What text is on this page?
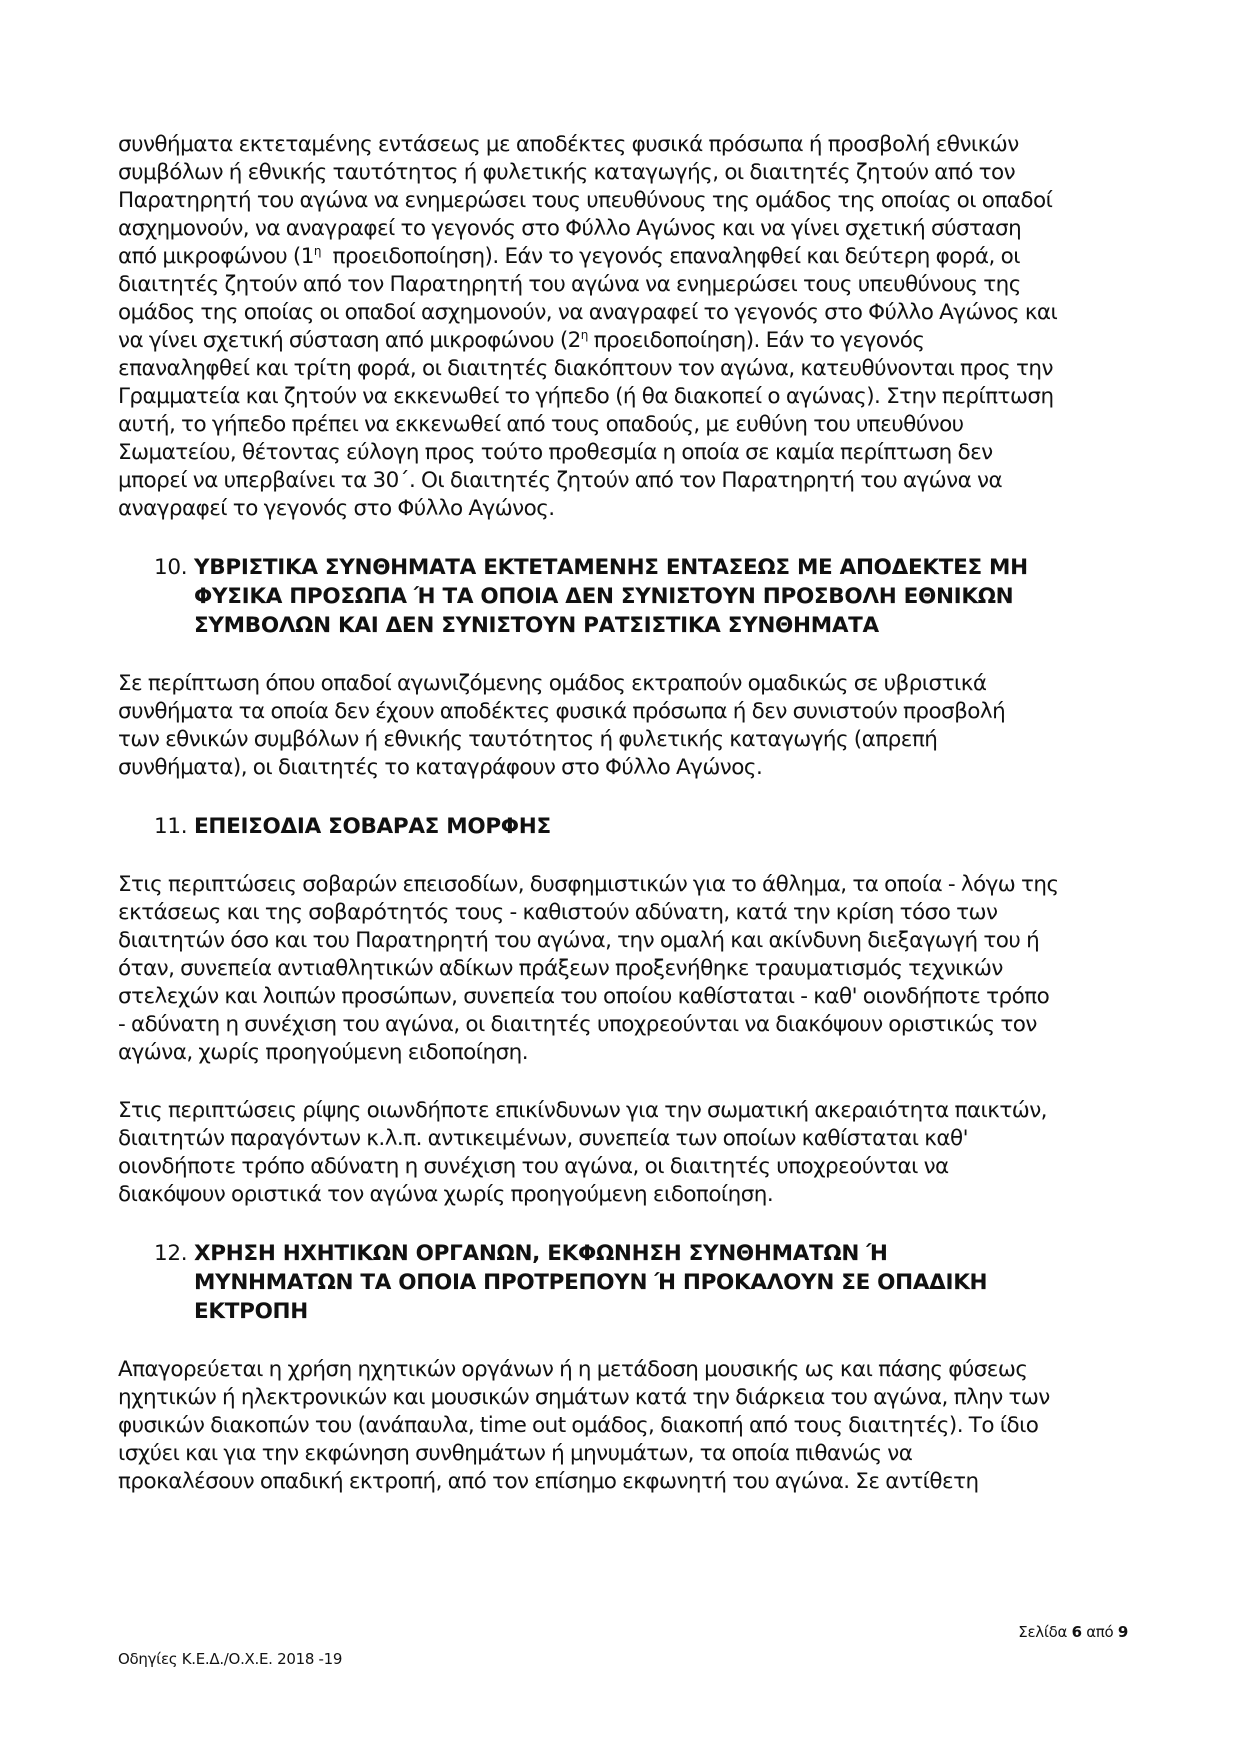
συνθήματα εκτεταμένης εντάσεως με αποδέκτες φυσικά πρόσωπα ή προσβολή εθνικών
συμβόλων ή εθνικής ταυτότητος ή φυλετικής καταγωγής, οι διαιτητές ζητούν από τον
Παρατηρητή του αγώνα να ενημερώσει τους υπευθύνους της ομάδος της οποίας οι οπαδοί
ασχημονούν, να αναγραφεί το γεγονός στο Φύλλο Αγώνος και να γίνει σχετική σύσταση
από μικροφώνου ($1^\eta$  προειδοποίηση). Εάν το γεγονός επαναληφθεί και δεύτερη φορά, οι
διαιτητές ζητούν από τον Παρατηρητή του αγώνα να ενημερώσει τους υπευθύνους της
ομάδος της οποίας οι οπαδοί ασχημονούν, να αναγραφεί το γεγονός στο Φύλλο Αγώνος και
να γίνει σχετική σύσταση από μικροφώνου ($2^\eta$ προειδοποίηση). Εάν το γεγονός
επαναληφθεί και τρίτη φορά, οι διαιτητές διακόπτουν τον αγώνα, κατευθύνονται προς την
Γραμματεία και ζητούν να εκκενωθεί το γήπεδο (ή θα διακοπεί ο αγώνας). Στην περίπτωση
αυτή, το γήπεδο πρέπει να εκκενωθεί από τους οπαδούς, με ευθύνη του υπευθύνου
Σωματείου, θέτοντας εύλογη προς τούτο προθεσμία η οποία σε καμία περίπτωση δεν
μπορεί να υπερβαίνει τα 30΄. Οι διαιτητές ζητούν από τον Παρατηρητή του αγώνα να
αναγραφεί το γεγονός στο Φύλλο Αγώνος.

10. ΥΒΡΙΣΤΙΚΑ ΣΥΝΘΗΜΑΤΑ ΕΚΤΕΤΑΜΕΝΗΣ ΕΝΤΑΣΕΩΣ ΜΕ ΑΠΟΔΕΚΤΕΣ ΜΗ
ΦΥΣΙΚΑ ΠΡΟΣΩΠΑ Ή ΤΑ ΟΠΟΙΑ ΔΕΝ ΣΥΝΙΣΤΟΥΝ ΠΡΟΣΒΟΛΗ ΕΘΝΙΚΩΝ
ΣΥΜΒΟΛΩΝ ΚΑΙ ΔΕΝ ΣΥΝΙΣΤΟΥΝ ΡΑΤΣΙΣΤΙΚΑ ΣΥΝΘΗΜΑΤΑ

Σε περίπτωση όπου οπαδοί αγωνιζόμενης ομάδος εκτραπούν ομαδικώς σε υβριστικά
συνθήματα τα οποία δεν έχουν αποδέκτες φυσικά πρόσωπα ή δεν συνιστούν προσβολή
των εθνικών συμβόλων ή εθνικής ταυτότητος ή φυλετικής καταγωγής (απρεπή
συνθήματα), οι διαιτητές το καταγράφουν στο Φύλλο Αγώνος.

11. ΕΠΕΙΣΟΔΙΑ ΣΟΒΑΡΑΣ ΜΟΡΦΗΣ

Στις περιπτώσεις σοβαρών επεισοδίων, δυσφημιστικών για το άθλημα, τα οποία - λόγω της
εκτάσεως και της σοβαρότητός τους - καθιστούν αδύνατη, κατά την κρίση τόσο των
διαιτητών όσο και του Παρατηρητή του αγώνα, την ομαλή και ακίνδυνη διεξαγωγή του ή
όταν, συνεπεία αντιαθλητικών αδίκων πράξεων προξενήθηκε τραυματισμός τεχνικών
στελεχών και λοιπών προσώπων, συνεπεία του οποίου καθίσταται - καθ' οιονδήποτε τρόπο
- αδύνατη η συνέχιση του αγώνα, οι διαιτητές υποχρεούνται να διακόψουν οριστικώς τον
αγώνα, χωρίς προηγούμενη ειδοποίηση.

Στις περιπτώσεις ρίψης οιωνδήποτε επικίνδυνων για την σωματική ακεραιότητα παικτών,
διαιτητών παραγόντων κ.λ.π. αντικειμένων, συνεπεία των οποίων καθίσταται καθ'
οιονδήποτε τρόπο αδύνατη η συνέχιση του αγώνα, οι διαιτητές υποχρεούνται να
διακόψουν οριστικά τον αγώνα χωρίς προηγούμενη ειδοποίηση.

12. ΧΡΗΣΗ ΗΧΗΤΙΚΩΝ ΟΡΓΑΝΩΝ, ΕΚΦΩΝΗΣΗ ΣΥΝΘΗΜΑΤΩΝ Ή
ΜΥΝΗΜΑΤΩΝ ΤΑ ΟΠΟΙΑ ΠΡΟΤΡΕΠΟΥΝ Ή ΠΡΟΚΑΛΟΥΝ ΣΕ ΟΠΑΔΙΚΗ
ΕΚΤΡΟΠΗ

Απαγορεύεται η χρήση ηχητικών οργάνων ή η μετάδοση μουσικής ως και πάσης φύσεως
ηχητικών ή ηλεκτρονικών και μουσικών σημάτων κατά την διάρκεια του αγώνα, πλην των
φυσικών διακοπών του (ανάπαυλα, time out ομάδος, διακοπή από τους διαιτητές). Το ίδιο
ισχύει και για την εκφώνηση συνθημάτων ή μηνυμάτων, τα οποία πιθανώς να
προκαλέσουν οπαδική εκτροπή, από τον επίσημο εκφωνητή του αγώνα. Σε αντίθετη

Σελίδα 6 από 9
Οδηγίες Κ.Ε.Δ./Ο.Χ.Ε. 2018 -19
